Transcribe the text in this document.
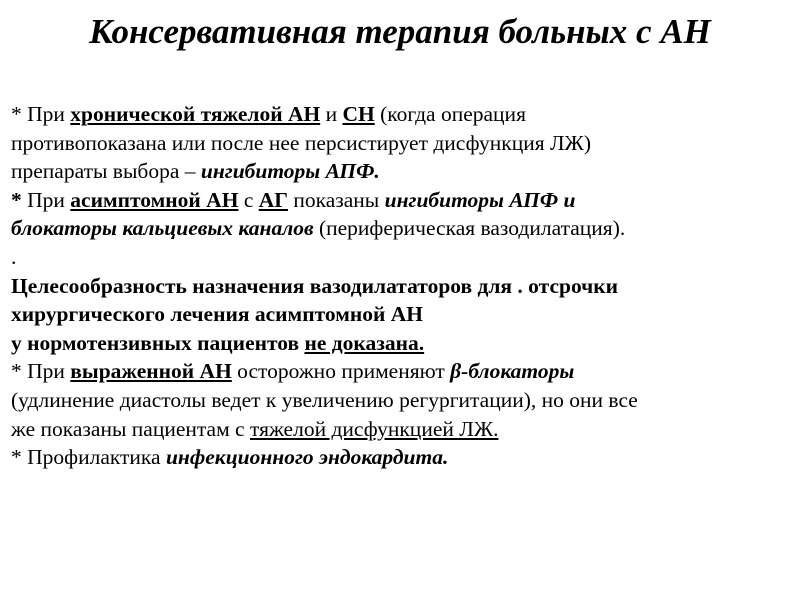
Консервативная терапия больных с АН
* При хронической тяжелой АН и СН (когда операция
противопоказана или после нее персистирует дисфункция ЛЖ)
препараты выбора – ингибиторы АПФ.
* При асимптомной АН с АГ показаны ингибиторы АПФ и
блокаторы кальциевых каналов (периферическая вазодилатация).
.
Целесообразность назначения вазодилататоров для . отсрочки
хирургического лечения асимптомной АН
у нормотензивных пациентов не доказана.
* При выраженной АН осторожно применяют β-блокаторы
(удлинение диастолы ведет к увеличению регургитации), но они все
же показаны пациентам с тяжелой дисфункцией ЛЖ.
* Профилактика инфекционного эндокардита.
